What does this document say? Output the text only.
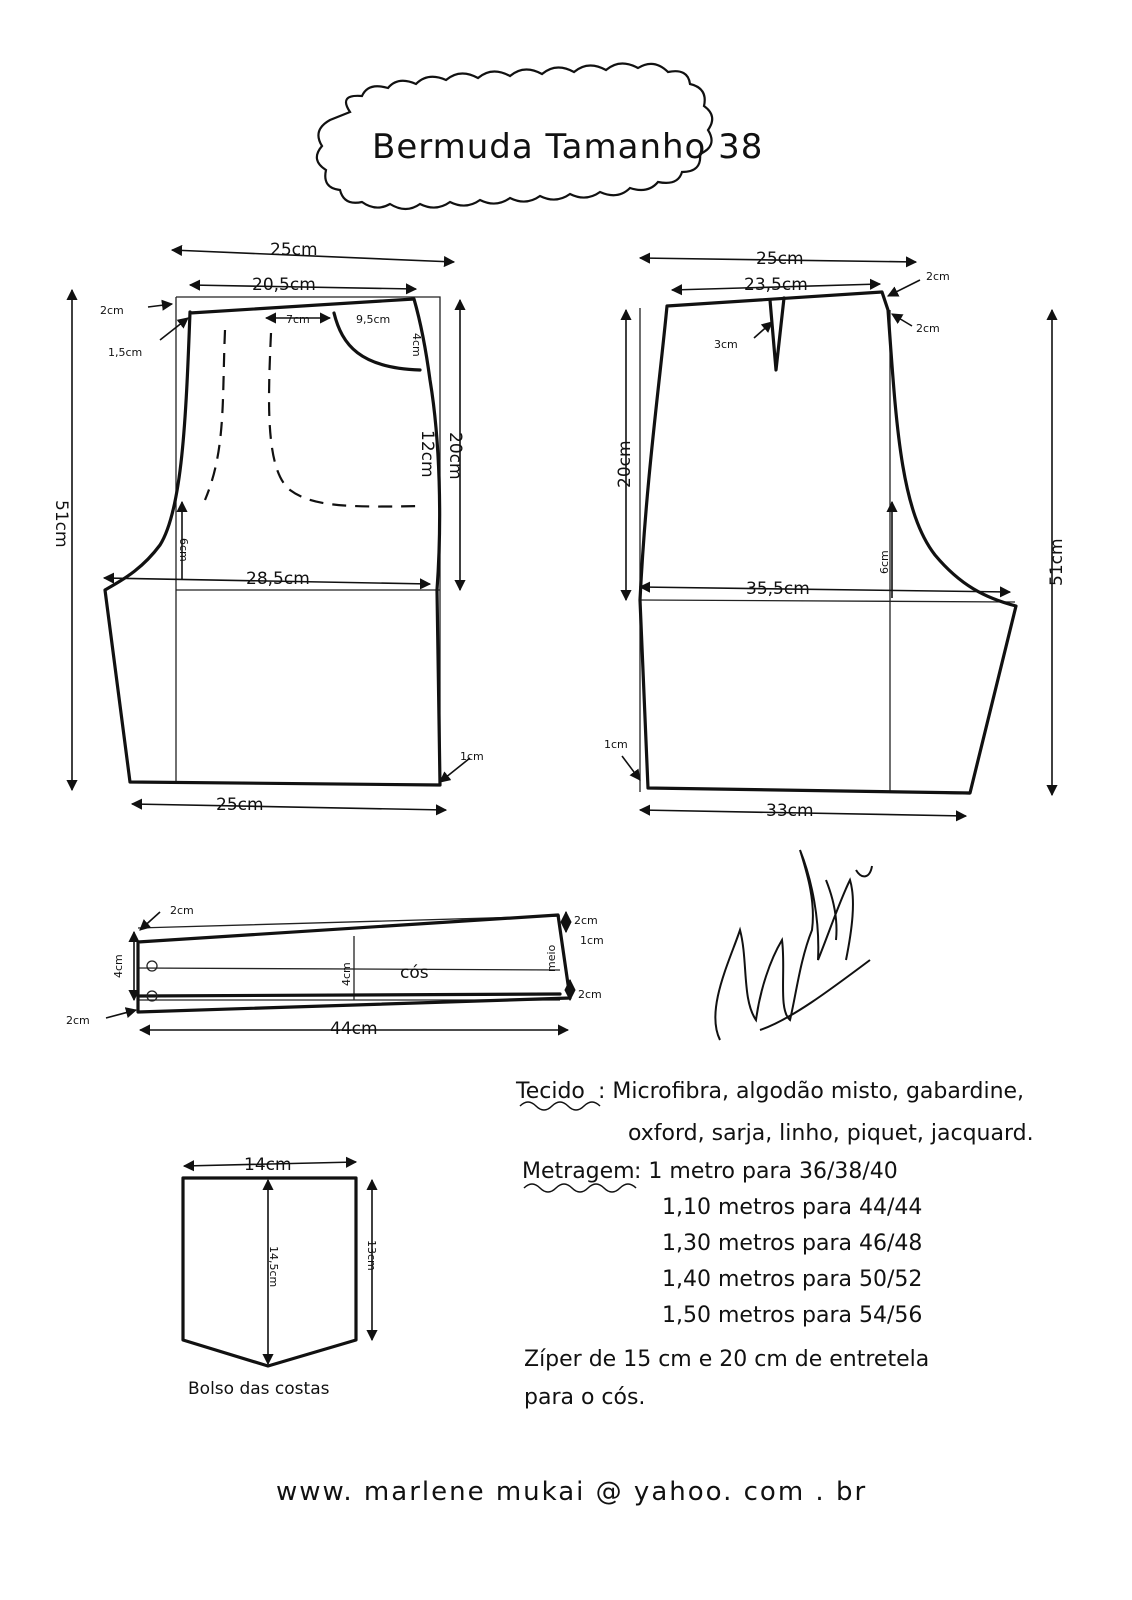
Bermuda Tamanho 38
25cm
20,5cm
2cm
1,5cm
7cm	9,5cm
4cm
12cm 20cm
6cm
28,5cm
51cm
1cm
25cm
25cm
23,5cm	2cm
2cm
3cm
20cm
6cm
35,5cm
51cm
1cm
33cm
cós
2cm
4cm
2cm
4cm
meio
2cm
1cm
2cm
44cm
14cm
14,5cm	13cm
Bolso das costas
Tecido : Microfibra, algodão misto, gabardine,
oxford, sarja, linho, piquet, jacquard.
Metragem : 1 metro para 36/38/40
1,10 metros para 44/44
1,30 metros para 46/48
1,40 metros para 50/52
1,50 metros para 54/56
Zíper de 15 cm e 20 cm de entretela
para o cós.
www. marlene mukai @ yahoo. com . br
